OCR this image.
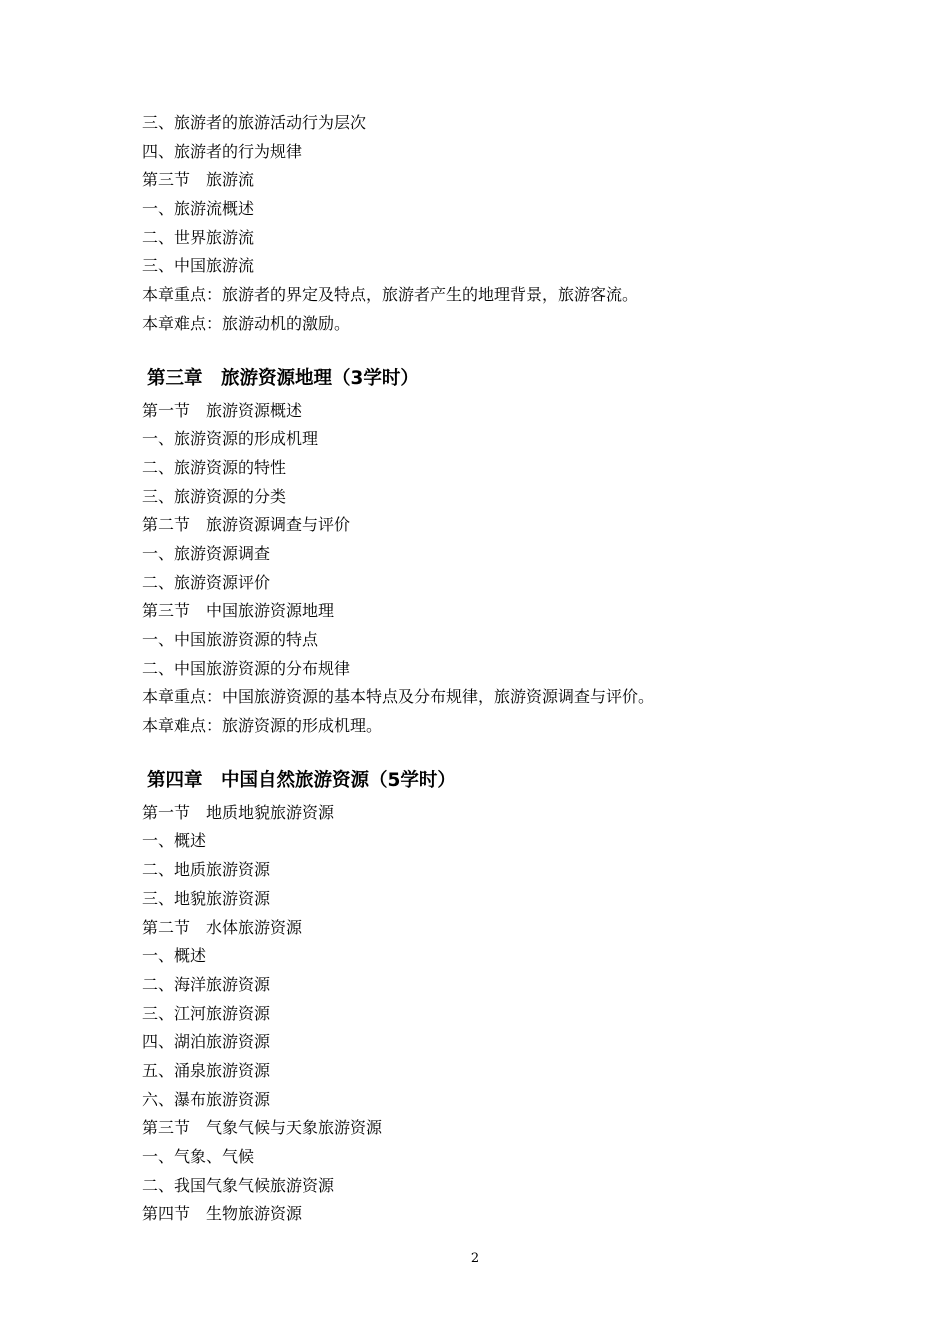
三、旅游者的旅游活动行为层次
四、旅游者的行为规律
第三节　旅游流
一、旅游流概述
二、世界旅游流
三、中国旅游流
本章重点：旅游者的界定及特点，旅游者产生的地理背景，旅游客流。
本章难点：旅游动机的激励。
第三章　旅游资源地理（3学时）
第一节　旅游资源概述
一、旅游资源的形成机理
二、旅游资源的特性
三、旅游资源的分类
第二节　旅游资源调查与评价
一、旅游资源调查
二、旅游资源评价
第三节　中国旅游资源地理
一、中国旅游资源的特点
二、中国旅游资源的分布规律
本章重点：中国旅游资源的基本特点及分布规律，旅游资源调查与评价。
本章难点：旅游资源的形成机理。
第四章　中国自然旅游资源（5学时）
第一节　地质地貌旅游资源
一、概述
二、地质旅游资源
三、地貌旅游资源
第二节　水体旅游资源
一、概述
二、海洋旅游资源
三、江河旅游资源
四、湖泊旅游资源
五、涌泉旅游资源
六、瀑布旅游资源
第三节　气象气候与天象旅游资源
一、气象、气候
二、我国气象气候旅游资源
第四节　生物旅游资源
2
